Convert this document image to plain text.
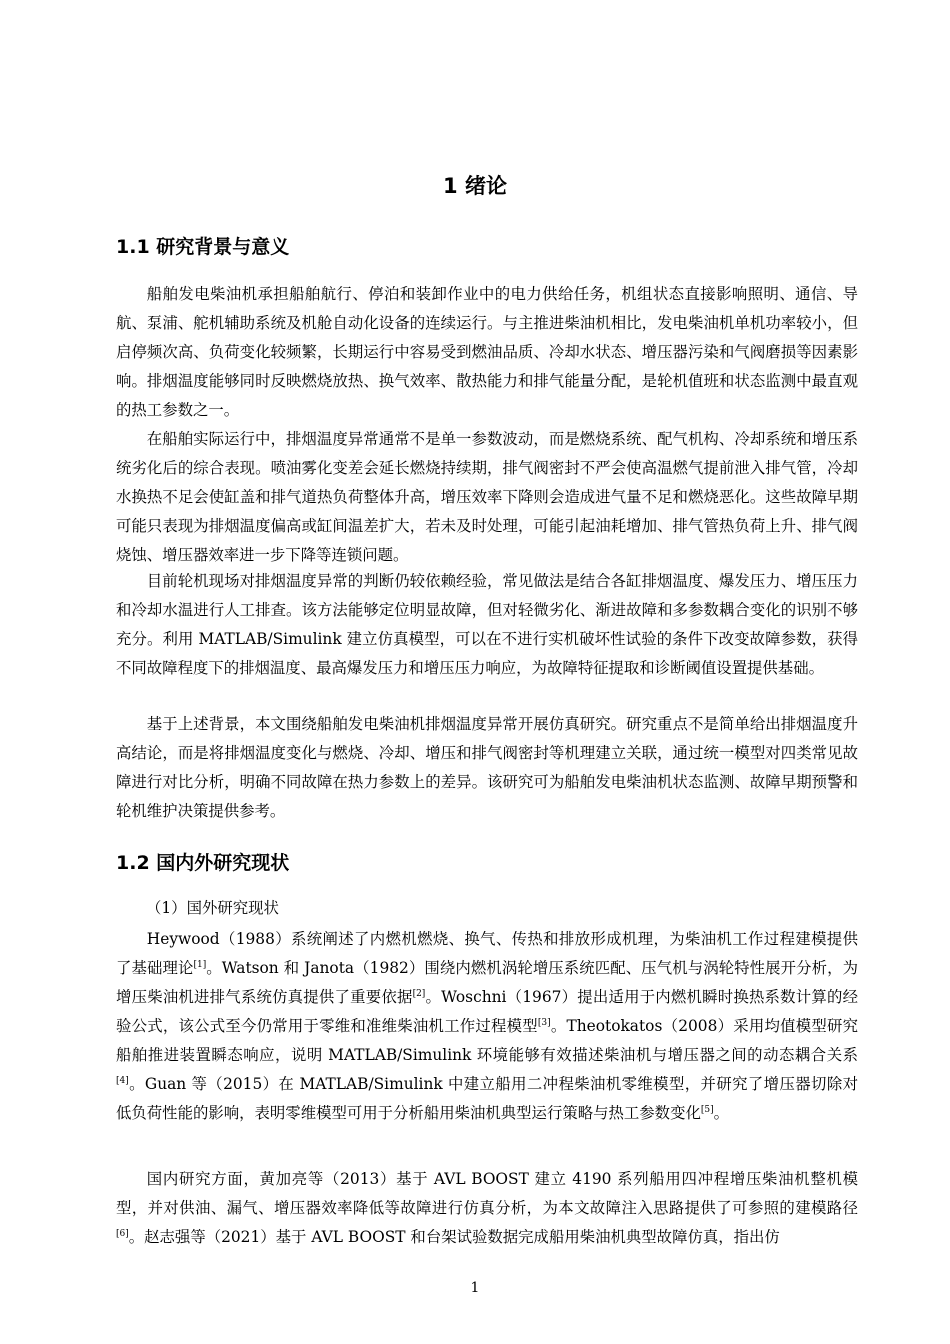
1 绪论
1.1 研究背景与意义

船舶发电柴油机承担船舶航行、停泊和装卸作业中的电力供给任务，机组状态直接影响照明、通信、导航、泵浦、舵机辅助系统及机舱自动化设备的连续运行。与主推进柴油机相比，发电柴油机单机功率较小，但启停频次高、负荷变化较频繁，长期运行中容易受到燃油品质、冷却水状态、增压器污染和气阀磨损等因素影响。排烟温度能够同时反映燃烧放热、换气效率、散热能力和排气能量分配，是轮机值班和状态监测中最直观的热工参数之一。

在船舶实际运行中，排烟温度异常通常不是单一参数波动，而是燃烧系统、配气机构、冷却系统和增压系统劣化后的综合表现。喷油雾化变差会延长燃烧持续期，排气阀密封不严会使高温燃气提前泄入排气管，冷却水换热不足会使缸盖和排气道热负荷整体升高，增压效率下降则会造成进气量不足和燃烧恶化。这些故障早期可能只表现为排烟温度偏高或缸间温差扩大，若未及时处理，可能引起油耗增加、排气管热负荷上升、排气阀烧蚀、增压器效率进一步下降等连锁问题。

目前轮机现场对排烟温度异常的判断仍较依赖经验，常见做法是结合各缸排烟温度、爆发压力、增压压力和冷却水温进行人工排查。该方法能够定位明显故障，但对轻微劣化、渐进故障和多参数耦合变化的识别不够充分。利用 MATLAB/Simulink 建立仿真模型，可以在不进行实机破坏性试验的条件下改变故障参数，获得不同故障程度下的排烟温度、最高爆发压力和增压压力响应，为故障特征提取和诊断阈值设置提供基础。

基于上述背景，本文围绕船舶发电柴油机排烟温度异常开展仿真研究。研究重点不是简单给出排烟温度升高结论，而是将排烟温度变化与燃烧、冷却、增压和排气阀密封等机理建立关联，通过统一模型对四类常见故障进行对比分析，明确不同故障在热力参数上的差异。该研究可为船舶发电柴油机状态监测、故障早期预警和轮机维护决策提供参考。

1.2 国内外研究现状
（1）国外研究现状

Heywood（1988）系统阐述了内燃机燃烧、换气、传热和排放形成机理，为柴油机工作过程建模提供了基础理论[1]。Watson 和 Janota（1982）围绕内燃机涡轮增压系统匹配、压气机与涡轮特性展开分析，为增压柴油机进排气系统仿真提供了重要依据[2]。Woschni（1967）提出适用于内燃机瞬时换热系数计算的经验公式，该公式至今仍常用于零维和准维柴油机工作过程模型[3]。Theotokatos（2008）采用均值模型研究船舶推进装置瞬态响应，说明 MATLAB/Simulink 环境能够有效描述柴油机与增压器之间的动态耦合关系[4]。Guan 等（2015）在 MATLAB/Simulink 中建立船用二冲程柴油机零维模型，并研究了增压器切除对低负荷性能的影响，表明零维模型可用于分析船用柴油机典型运行策略与热工参数变化[5]。

国内研究方面，黄加亮等（2013）基于 AVL BOOST 建立 4190 系列船用四冲程增压柴油机整机模型，并对供油、漏气、增压器效率降低等故障进行仿真分析，为本文故障注入思路提供了可参照的建模路径[6]。赵志强等（2021）基于 AVL BOOST 和台架试验数据完成船用柴油机典型故障仿真，指出仿

1
